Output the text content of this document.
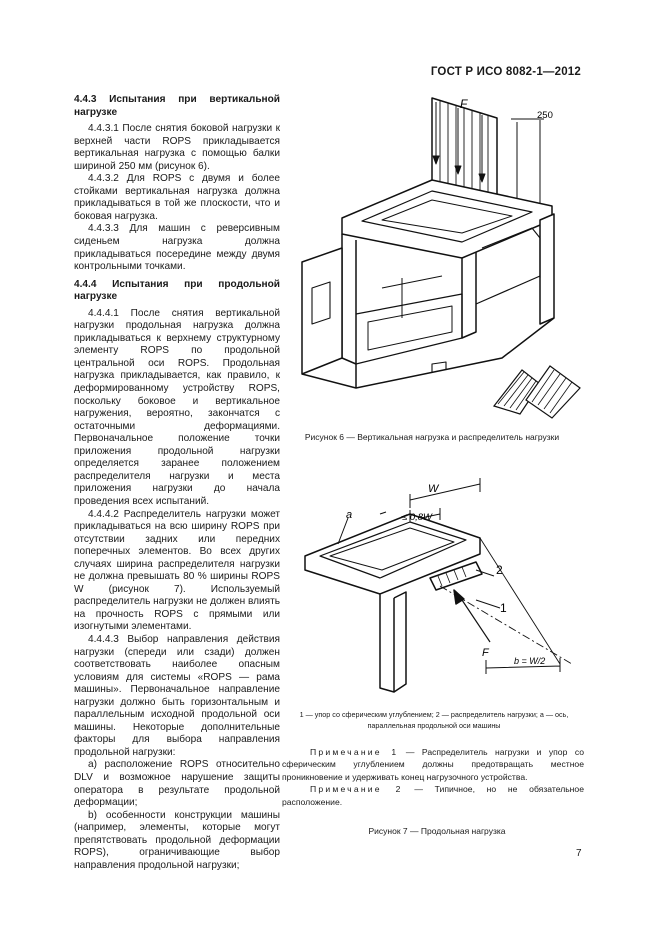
ГОСТ Р ИСО 8082-1—2012

4.4.3 Испытания при вертикальной нагрузке

4.4.3.1 После снятия боковой нагрузки к верхней части ROPS прикладывается вертикальная нагрузка с помощью балки шириной 250 мм (рисунок 6).

4.4.3.2 Для ROPS с двумя и более стойками вертикальная нагрузка должна прикладываться в той же плоскости, что и боковая нагрузка.

4.4.3.3 Для машин с реверсивным сиденьем нагрузка должна прикладываться посередине между двумя контрольными точками.

4.4.4 Испытания при продольной нагрузке

4.4.4.1 После снятия вертикальной нагрузки продольная нагрузка должна прикладываться к верхнему структурному элементу ROPS по продольной центральной оси ROPS. Продольная нагрузка прикладывается, как правило, к деформированному устройству ROPS, поскольку боковое и вертикальное нагружения, вероятно, закончатся с остаточными деформациями. Первоначальное положение точки приложения продольной нагрузки определяется заранее положением распределителя нагрузки и места приложения нагрузки до начала проведения всех испытаний.

4.4.4.2 Распределитель нагрузки может прикладываться на всю ширину ROPS при отсутствии задних или передних поперечных элементов. Во всех других случаях ширина распределителя нагрузки не должна превышать 80 % ширины ROPS W (рисунок 7). Используемый распределитель нагрузки не должен влиять на прочность ROPS с прямыми или изогнутыми элементами.

4.4.4.3 Выбор направления действия нагрузки (спереди или сзади) должен соответствовать наиболее опасным условиям для системы «ROPS — рама машины». Первоначальное направление нагрузки должно быть горизонтальным и параллельным исходной продольной оси машины. Некоторые дополнительные факторы для выбора направления продольной нагрузки:

a) расположение ROPS относительно DLV и возможное нарушение защиты оператора в результате продольной деформации;

b) особенности конструкции машины (например, элементы, которые могут препятствовать продольной деформации ROPS), ограничивающие выбор направления продольной нагрузки;

F
250
Рисунок 6 — Вертикальная нагрузка и распределитель нагрузки
W
≤ 0,8W
a
2
1
F
b = W/2
1 — упор со сферическим углублением; 2 — распределитель нагрузки; a — ось, параллельная продольной оси машины

Примечание 1 — Распределитель нагрузки и упор со сферическим углублением должны предотвращать местное проникновение и удерживать конец нагрузочного устройства.

Примечание 2 — Типичное, но не обязательное расположение.

Рисунок 7 — Продольная нагрузка
7
